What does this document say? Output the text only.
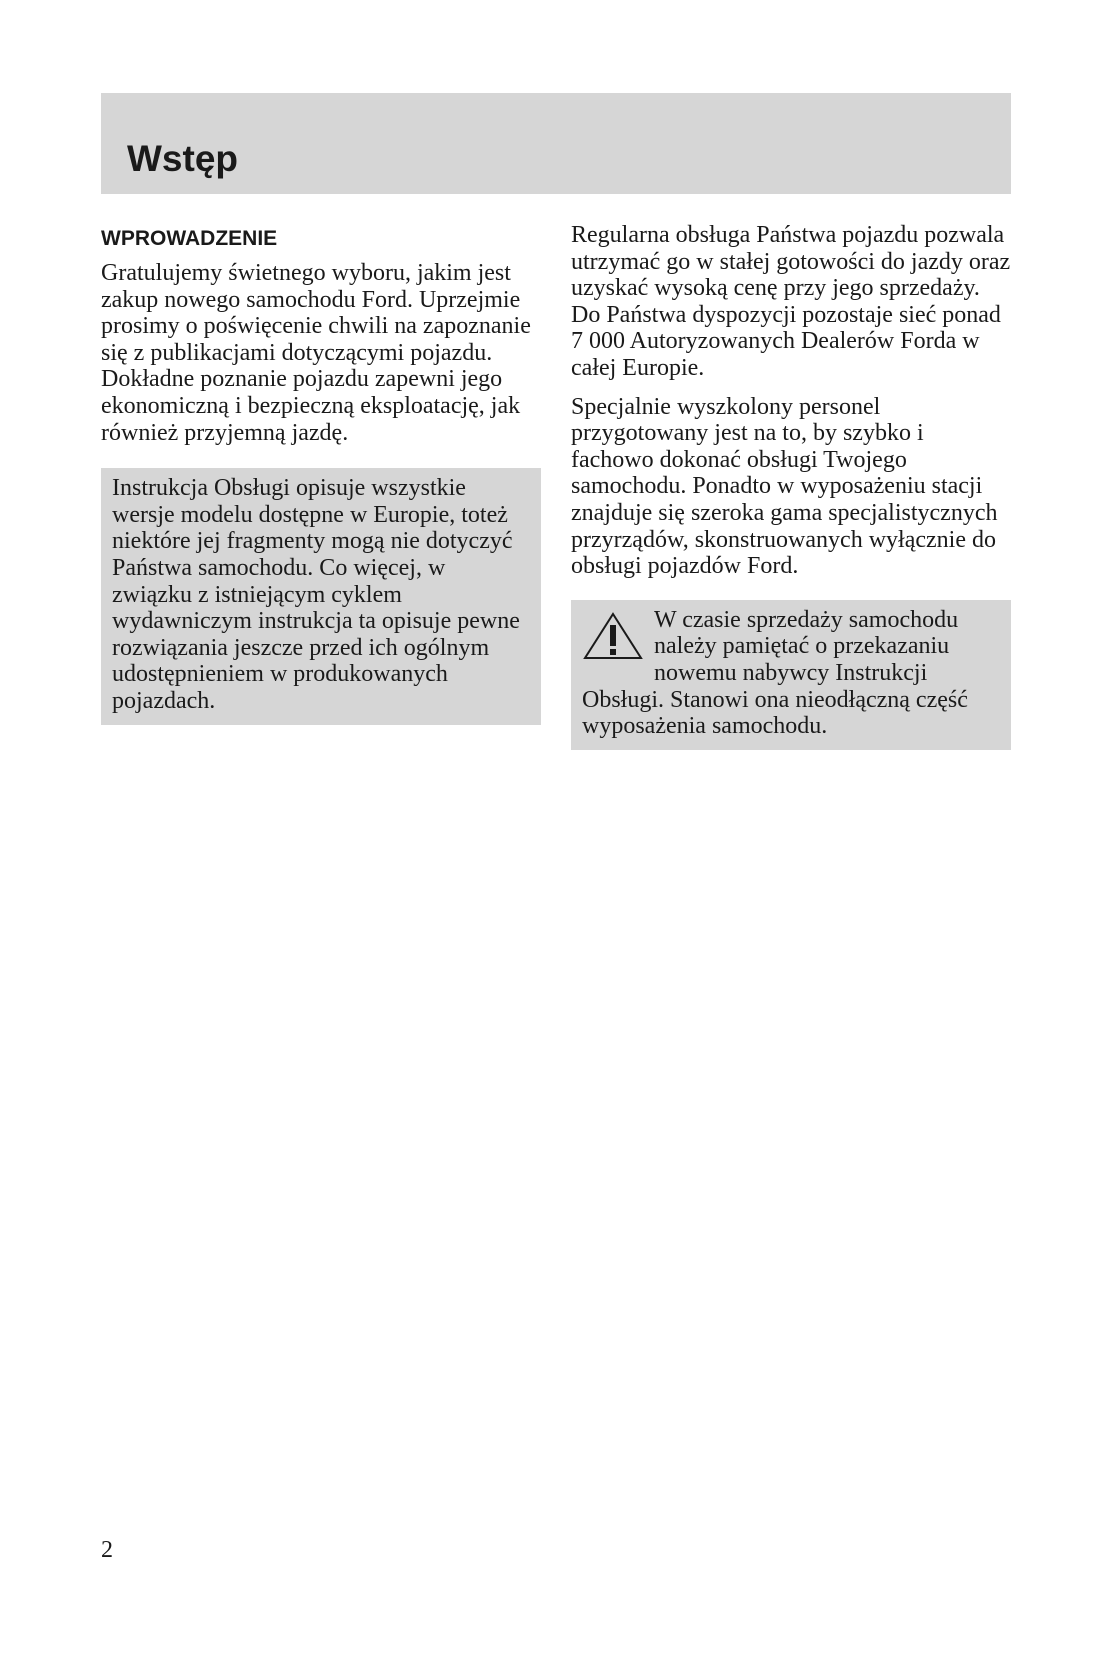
Wstęp
WPROWADZENIE

Gratulujemy świetnego wyboru, jakim jest zakup nowego samochodu Ford. Uprzejmie prosimy o poświęcenie chwili na zapoznanie się z publikacjami dotyczącymi pojazdu. Dokładne poznanie pojazdu zapewni jego ekonomiczną i bezpieczną eksploatację, jak również przyjemną jazdę.

Instrukcja Obsługi opisuje wszystkie wersje modelu dostępne w Europie, toteż niektóre jej fragmenty mogą nie dotyczyć Państwa samochodu. Co więcej, w związku z istniejącym cyklem wydawniczym instrukcja ta opisuje pewne rozwiązania jeszcze przed ich ogólnym udostępnieniem w produkowanych pojazdach.

Regularna obsługa Państwa pojazdu pozwala utrzymać go w stałej gotowości do jazdy oraz uzyskać wysoką cenę przy jego sprzedaży. Do Państwa dyspozycji pozostaje sieć ponad 7 000 Autoryzowanych Dealerów Forda w całej Europie.

Specjalnie wyszkolony personel przygotowany jest na to, by szybko i fachowo dokonać obsługi Twojego samochodu. Ponadto w wyposażeniu stacji znajduje się szeroka gama specjalistycznych przyrządów, skonstruowanych wyłącznie do obsługi pojazdów Ford.

W czasie sprzedaży samochodu należy pamiętać o przekazaniu nowemu nabywcy Instrukcji Obsługi. Stanowi ona nieodłączną część wyposażenia samochodu.
2
